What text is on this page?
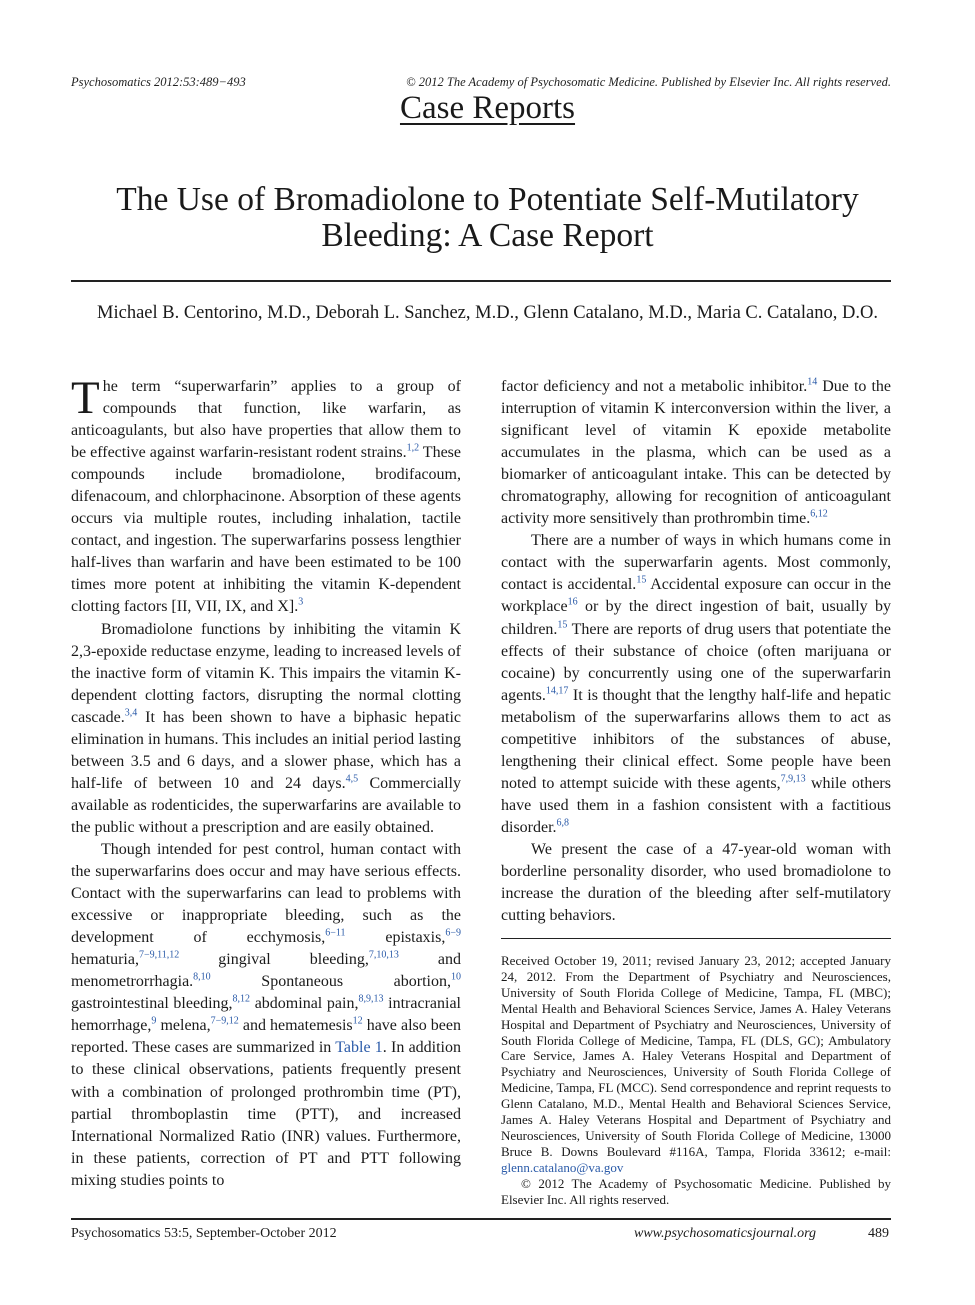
Psychosomatics 2012:53:489−493	© 2012 The Academy of Psychosomatic Medicine. Published by Elsevier Inc. All rights reserved.
Case Reports
The Use of Bromadiolone to Potentiate Self-Mutilatory
Bleeding: A Case Report
Michael B. Centorino, M.D., Deborah L. Sanchez, M.D., Glenn Catalano, M.D., Maria C. Catalano, D.O.

The term “superwarfarin” applies to a group of compounds that function, like warfarin, as anticoagulants, but also have properties that allow them to be effective against warfarin-resistant rodent strains.$^{1,2}$ These compounds include bromadiolone, brodifacoum, difenacoum, and chlorphacinone. Absorption of these agents occurs via multiple routes, including inhalation, tactile contact, and ingestion. The superwarfarins possess lengthier half-lives than warfarin and have been estimated to be 100 times more potent at inhibiting the vitamin K-dependent clotting factors [II, VII, IX, and X].$^3$

Bromadiolone functions by inhibiting the vitamin K 2,3-epoxide reductase enzyme, leading to increased levels of the inactive form of vitamin K. This impairs the vitamin K-dependent clotting factors, disrupting the normal clotting cascade.$^{3,4}$ It has been shown to have a biphasic hepatic elimination in humans. This includes an initial period lasting between 3.5 and 6 days, and a slower phase, which has a half-life of between 10 and 24 days.$^{4,5}$ Commercially available as rodenticides, the superwarfarins are available to the public without a prescription and are easily obtained.

Though intended for pest control, human contact with the superwarfarins does occur and may have serious effects. Contact with the superwarfarins can lead to problems with excessive or inappropriate bleeding, such as the development of ecchymosis,$^{6-11}$ epistaxis,$^{6-9}$ hematuria,$^{7-9,11,12}$ gingival bleeding,$^{7,10,13}$ and menometrorrhagia.$^{8,10}$ Spontaneous abortion,$^{10}$ gastrointestinal bleeding,$^{8,12}$ abdominal pain,$^{8,9,13}$ intracranial hemorrhage,$^9$ melena,$^{7-9,12}$ and hematemesis$^{12}$ have also been reported. These cases are summarized in Table 1. In addition to these clinical observations, patients frequently present with a combination of prolonged prothrombin time (PT), partial thromboplastin time (PTT), and increased International Normalized Ratio (INR) values. Furthermore, in these patients, correction of PT and PTT following mixing studies points to

factor deficiency and not a metabolic inhibitor.$^{14}$ Due to the interruption of vitamin K interconversion within the liver, a significant level of vitamin K epoxide metabolite accumulates in the plasma, which can be used as a biomarker of anticoagulant intake. This can be detected by chromatography, allowing for recognition of anticoagulant activity more sensitively than prothrombin time.$^{6,12}$

There are a number of ways in which humans come in contact with the superwarfarin agents. Most commonly, contact is accidental.$^{15}$ Accidental exposure can occur in the workplace$^{16}$ or by the direct ingestion of bait, usually by children.$^{15}$ There are reports of drug users that potentiate the effects of their substance of choice (often marijuana or cocaine) by concurrently using one of the superwarfarin agents.$^{14,17}$ It is thought that the lengthy half-life and hepatic metabolism of the superwarfarins allows them to act as competitive inhibitors of the substances of abuse, lengthening their clinical effect. Some people have been noted to attempt suicide with these agents,$^{7,9,13}$ while others have used them in a fashion consistent with a factitious disorder.$^{6,8}$

We present the case of a 47-year-old woman with borderline personality disorder, who used bromadiolone to increase the duration of the bleeding after self-mutilatory cutting behaviors.

Received October 19, 2011; revised January 23, 2012; accepted January 24, 2012. From the Department of Psychiatry and Neurosciences, University of South Florida College of Medicine, Tampa, FL (MBC); Mental Health and Behavioral Sciences Service, James A. Haley Veterans Hospital and Department of Psychiatry and Neurosciences, University of South Florida College of Medicine, Tampa, FL (DLS, GC); Ambulatory Care Service, James A. Haley Veterans Hospital and Department of Psychiatry and Neurosciences, University of South Florida College of Medicine, Tampa, FL (MCC). Send correspondence and reprint requests to Glenn Catalano, M.D., Mental Health and Behavioral Sciences Service, James A. Haley Veterans Hospital and Department of Psychiatry and Neurosciences, University of South Florida College of Medicine, 13000 Bruce B. Downs Boulevard #116A, Tampa, Florida 33612; e-mail: glenn.catalano@va.gov

© 2012 The Academy of Psychosomatic Medicine. Published by Elsevier Inc. All rights reserved.

Psychosomatics 53:5, September-October 2012	www.psychosomaticsjournal.org	489
